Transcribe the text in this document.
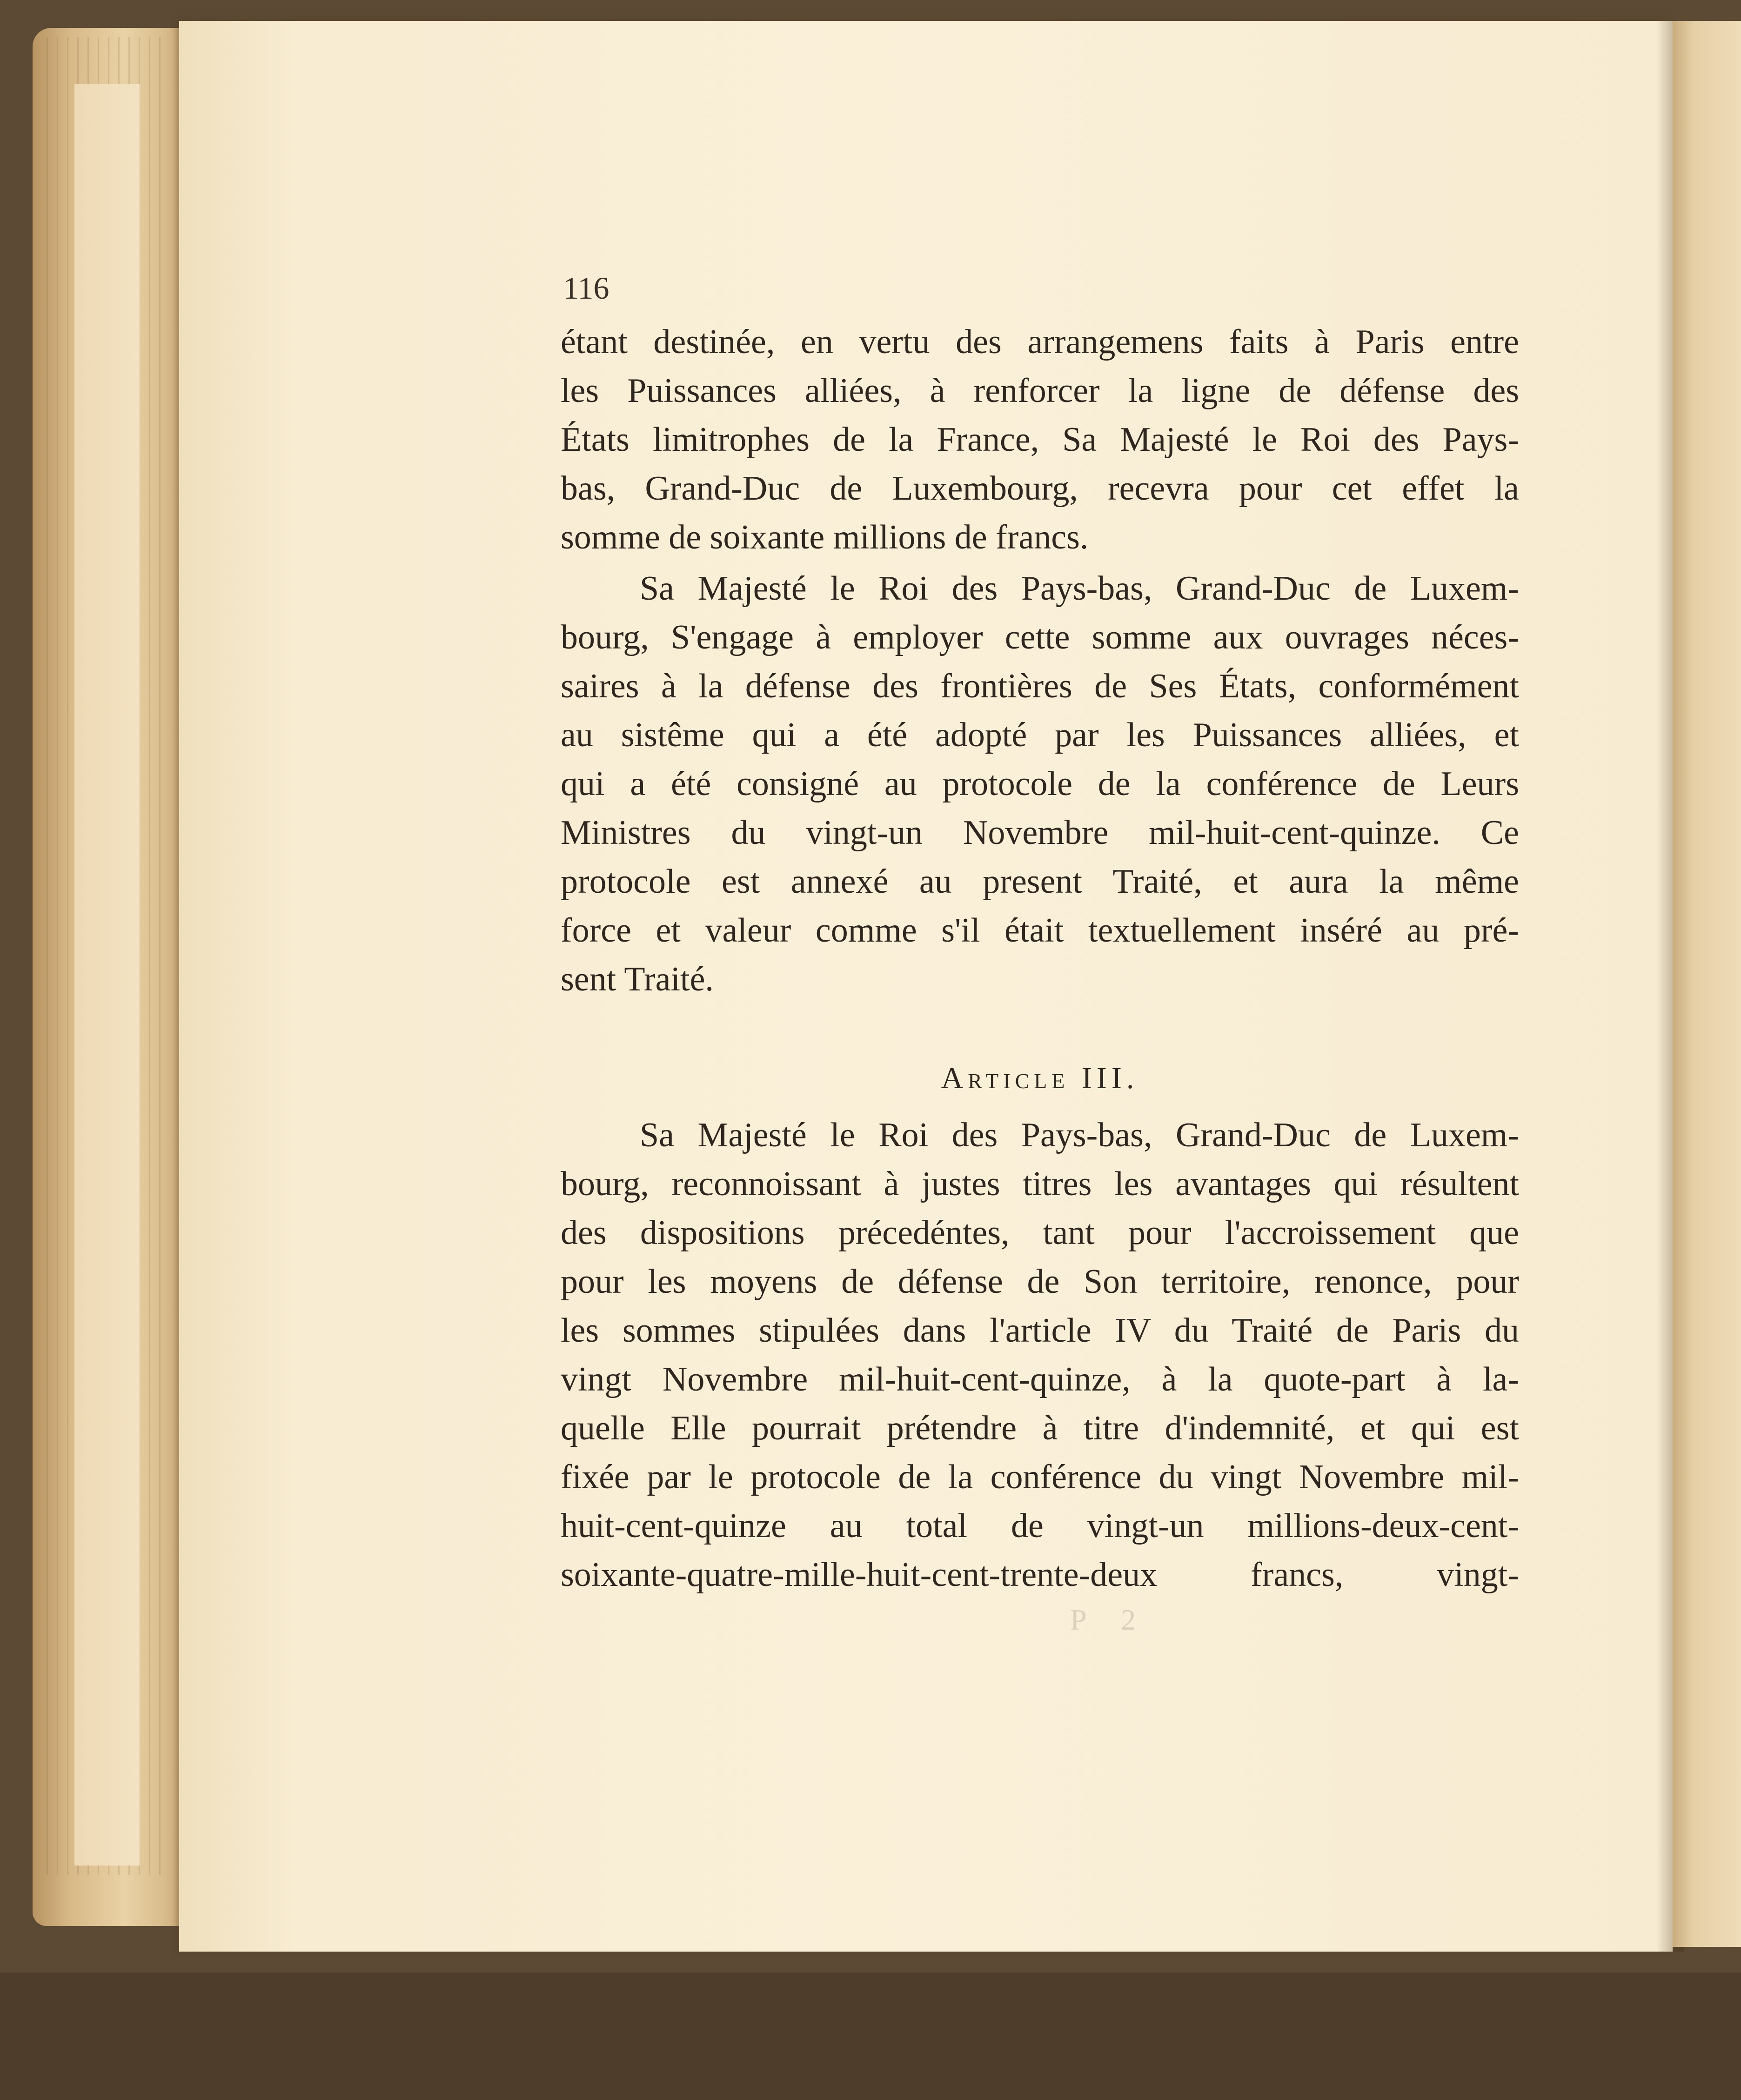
116
étant destinée, en vertu des arrangemens faits à Paris entre
les Puissances alliées, à renforcer la ligne de défense des
États limitrophes de la France, Sa Majesté le Roi des Pays-
bas, Grand-Duc de Luxembourg, recevra pour cet effet la
somme de soixante millions de francs.
Sa Majesté le Roi des Pays-bas, Grand-Duc de Luxem-
bourg, S'engage à employer cette somme aux ouvrages néces-
saires à la défense des frontières de Ses États, conformément
au sistême qui a été adopté par les Puissances alliées, et
qui a été consigné au protocole de la conférence de Leurs
Ministres du vingt-un Novembre mil-huit-cent-quinze. Ce
protocole est annexé au present Traité, et aura la même
force et valeur comme s'il était textuellement inséré au pré-
sent Traité.
Article III.
Sa Majesté le Roi des Pays-bas, Grand-Duc de Luxem-
bourg, reconnoissant à justes titres les avantages qui résultent
des dispositions précedéntes, tant pour l'accroissement que
pour les moyens de défense de Son territoire, renonce, pour
les sommes stipulées dans l'article IV du Traité de Paris du
vingt Novembre mil-huit-cent-quinze, à la quote-part à la-
quelle Elle pourrait prétendre à titre d'indemnité, et qui est
fixée par le protocole de la conférence du vingt Novembre mil-
huit-cent-quinze au total de vingt-un millions-deux-cent-
soixante-quatre-mille-huit-cent-trente-deux francs, vingt-
P 2
